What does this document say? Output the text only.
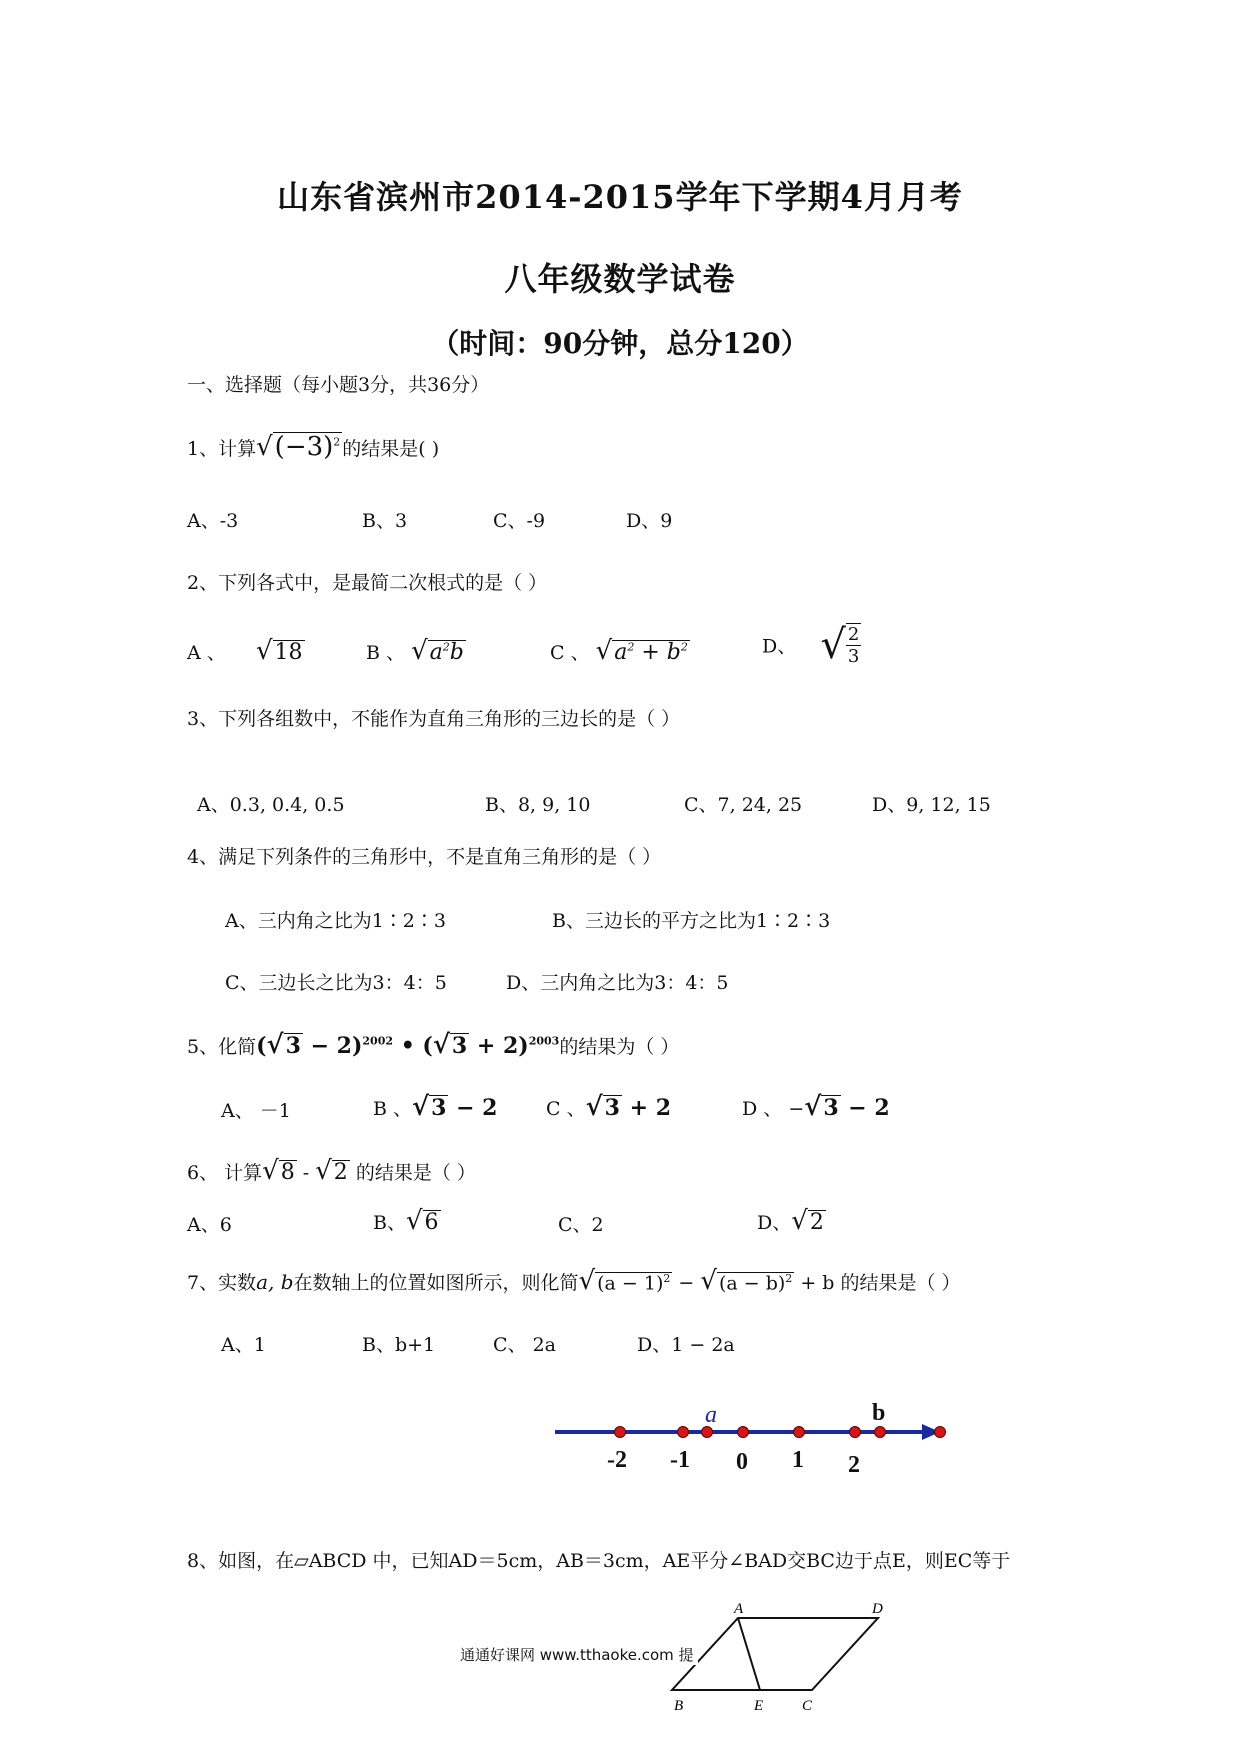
山东省滨州市2014-2015学年下学期4月月考
八年级数学试卷
（时间：90分钟，总分120）
一、选择题（每小题3分，共36分）
1、计算$√(-3)^2$ 的结果是( )
A、-3	B、3	C、-9	D、9
2、下列各式中，是最简二次根式的是（ ）
A 、 √18	B 、 $√a^2b$	C 、 $√a^2 + b^2$	D、 √ $\frac{2}{3}$
3、下列各组数中，不能作为直角三角形的三边长的是（ ）
A、0.3, 0.4, 0.5	B、8, 9, 10	C、7, 24, 25	D、9, 12, 15
4、满足下列条件的三角形中，不是直角三角形的是（ ）
A、三内角之比为1∶2∶3	B、三边长的平方之比为1∶2∶3
C、三边长之比为3：4：5	D、三内角之比为3：4：5
5、化简$(√3 - 2)^{2002}$ • $(√3 + 2)^{2003}$的结果为（ ）
A、 －1	B 、√3 − 2	C 、√3 + 2	D 、 −√3 − 2
6、 计算√8 - √2 的结果是（ ）
A、6	B、√6	C、2	D、√2
7、实数a, b在数轴上的位置如图所示，则化简√ $(a - 1)^2$ − √ $(a - b)^2 + b$ 的结果是（ ）
A、1	B、b+1	C、 2a	D、1 − 2a
a	b
-2 -1 0 1 2
8、如图，在▱ABCD 中，已知AD＝5cm，AB＝3cm，AE平分∠BAD交BC边于点E，则EC等于
A	D
B	E	C
通通好课网 www.tthaoke.com 提
